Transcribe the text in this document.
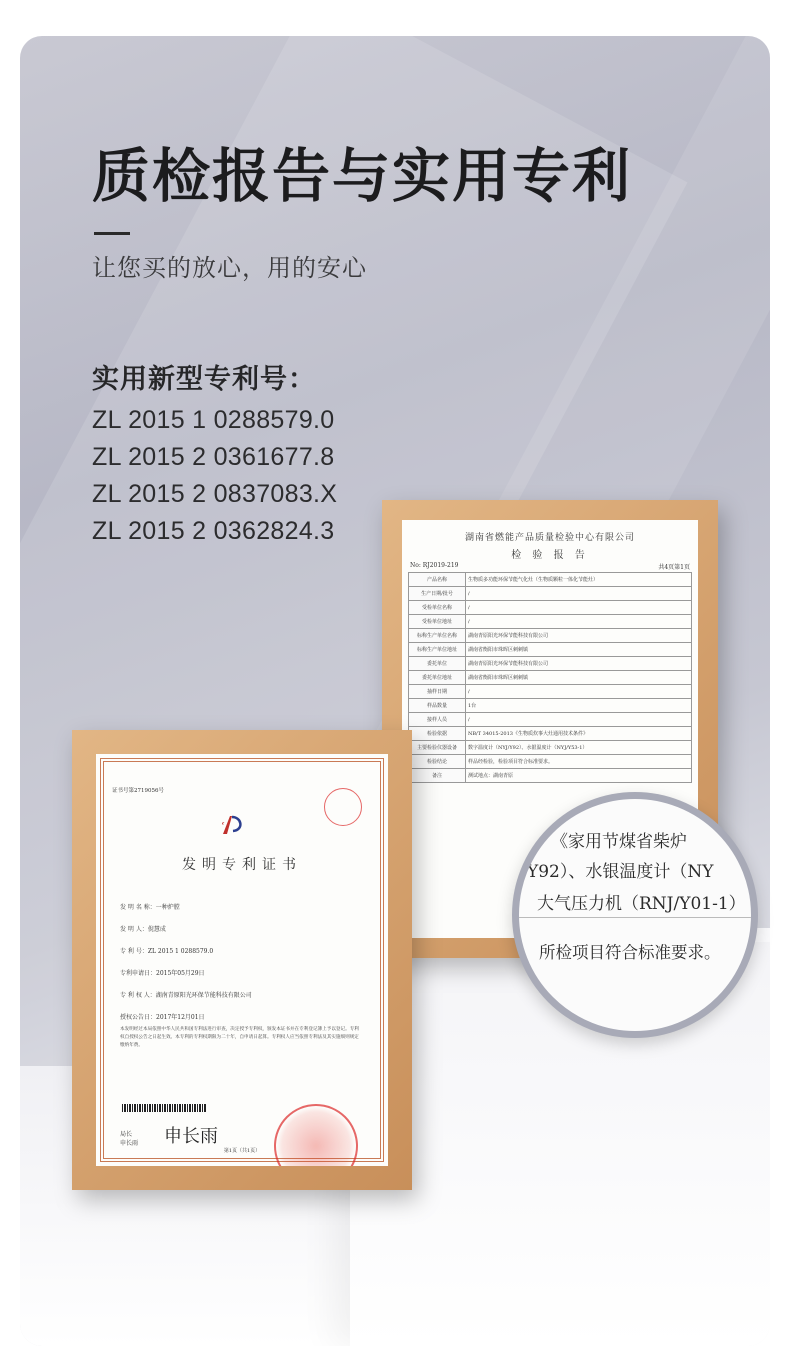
质检报告与实用专利
让您买的放心，用的安心
实用新型专利号：
ZL 2015 1 0288579.0
ZL 2015 2 0361677.8
ZL 2015 2 0837083.X
ZL 2015 2 0362824.3	湖南省燃能产品质量检验中心有限公司
检 验 报 告
No: RJ2019-219	共4页第1页
产品名称	生物质多功能环保节能气化灶（生物质颗粒一体化节能灶）
生产日期/批号	/
受检单位名称	/
受检单位地址	/
标称生产单位名称	湖南青原阳光环保节能科技有限公司
标称生产单位地址	湖南省衡阳市珠晖区刺刺镇
委托单位	湖南青原阳光环保节能科技有限公司
委托单位地址	湖南省衡阳市珠晖区刺刺镇
抽样日期	/
样品数量	1台
接样人员	/
检验依据	NB/T 34015-2013《生物质炊事大灶通用技术条件》
主要检验仪器设备	数字温度计（NYJ/Y92）、水银温度计（NYJ/Y53-1）
检验结论	样品经检验，检验项目符合标准要求。
备注	测试地点：湖南青原
证书号第2719056号
发明专利证书
发 明 名 称：一种炉膛
发 明 人：倪慧成
专 利 号：ZL 2015 1 0288579.0
专利申请日：2015年05月29日
专 利 权 人：湖南青原阳光环保节能科技有限公司
授权公告日：2017年12月01日
本发明经过本局依照中华人民共和国专利法进行审查，决定授予专利权，颁发本证书并在专利登记簿上予以登记。专利权自授权公告之日起生效。本专利的专利权期限为二十年，自申请日起算。专利权人应当依照专利法及其实施细则规定缴纳年费。
局长
申长雨 申长雨
第1页（共1页）
《家用节煤省柴炉
Y92）、水银温度计（NY
大气压力机（RNJ/Y01-1）
所检项目符合标准要求。
